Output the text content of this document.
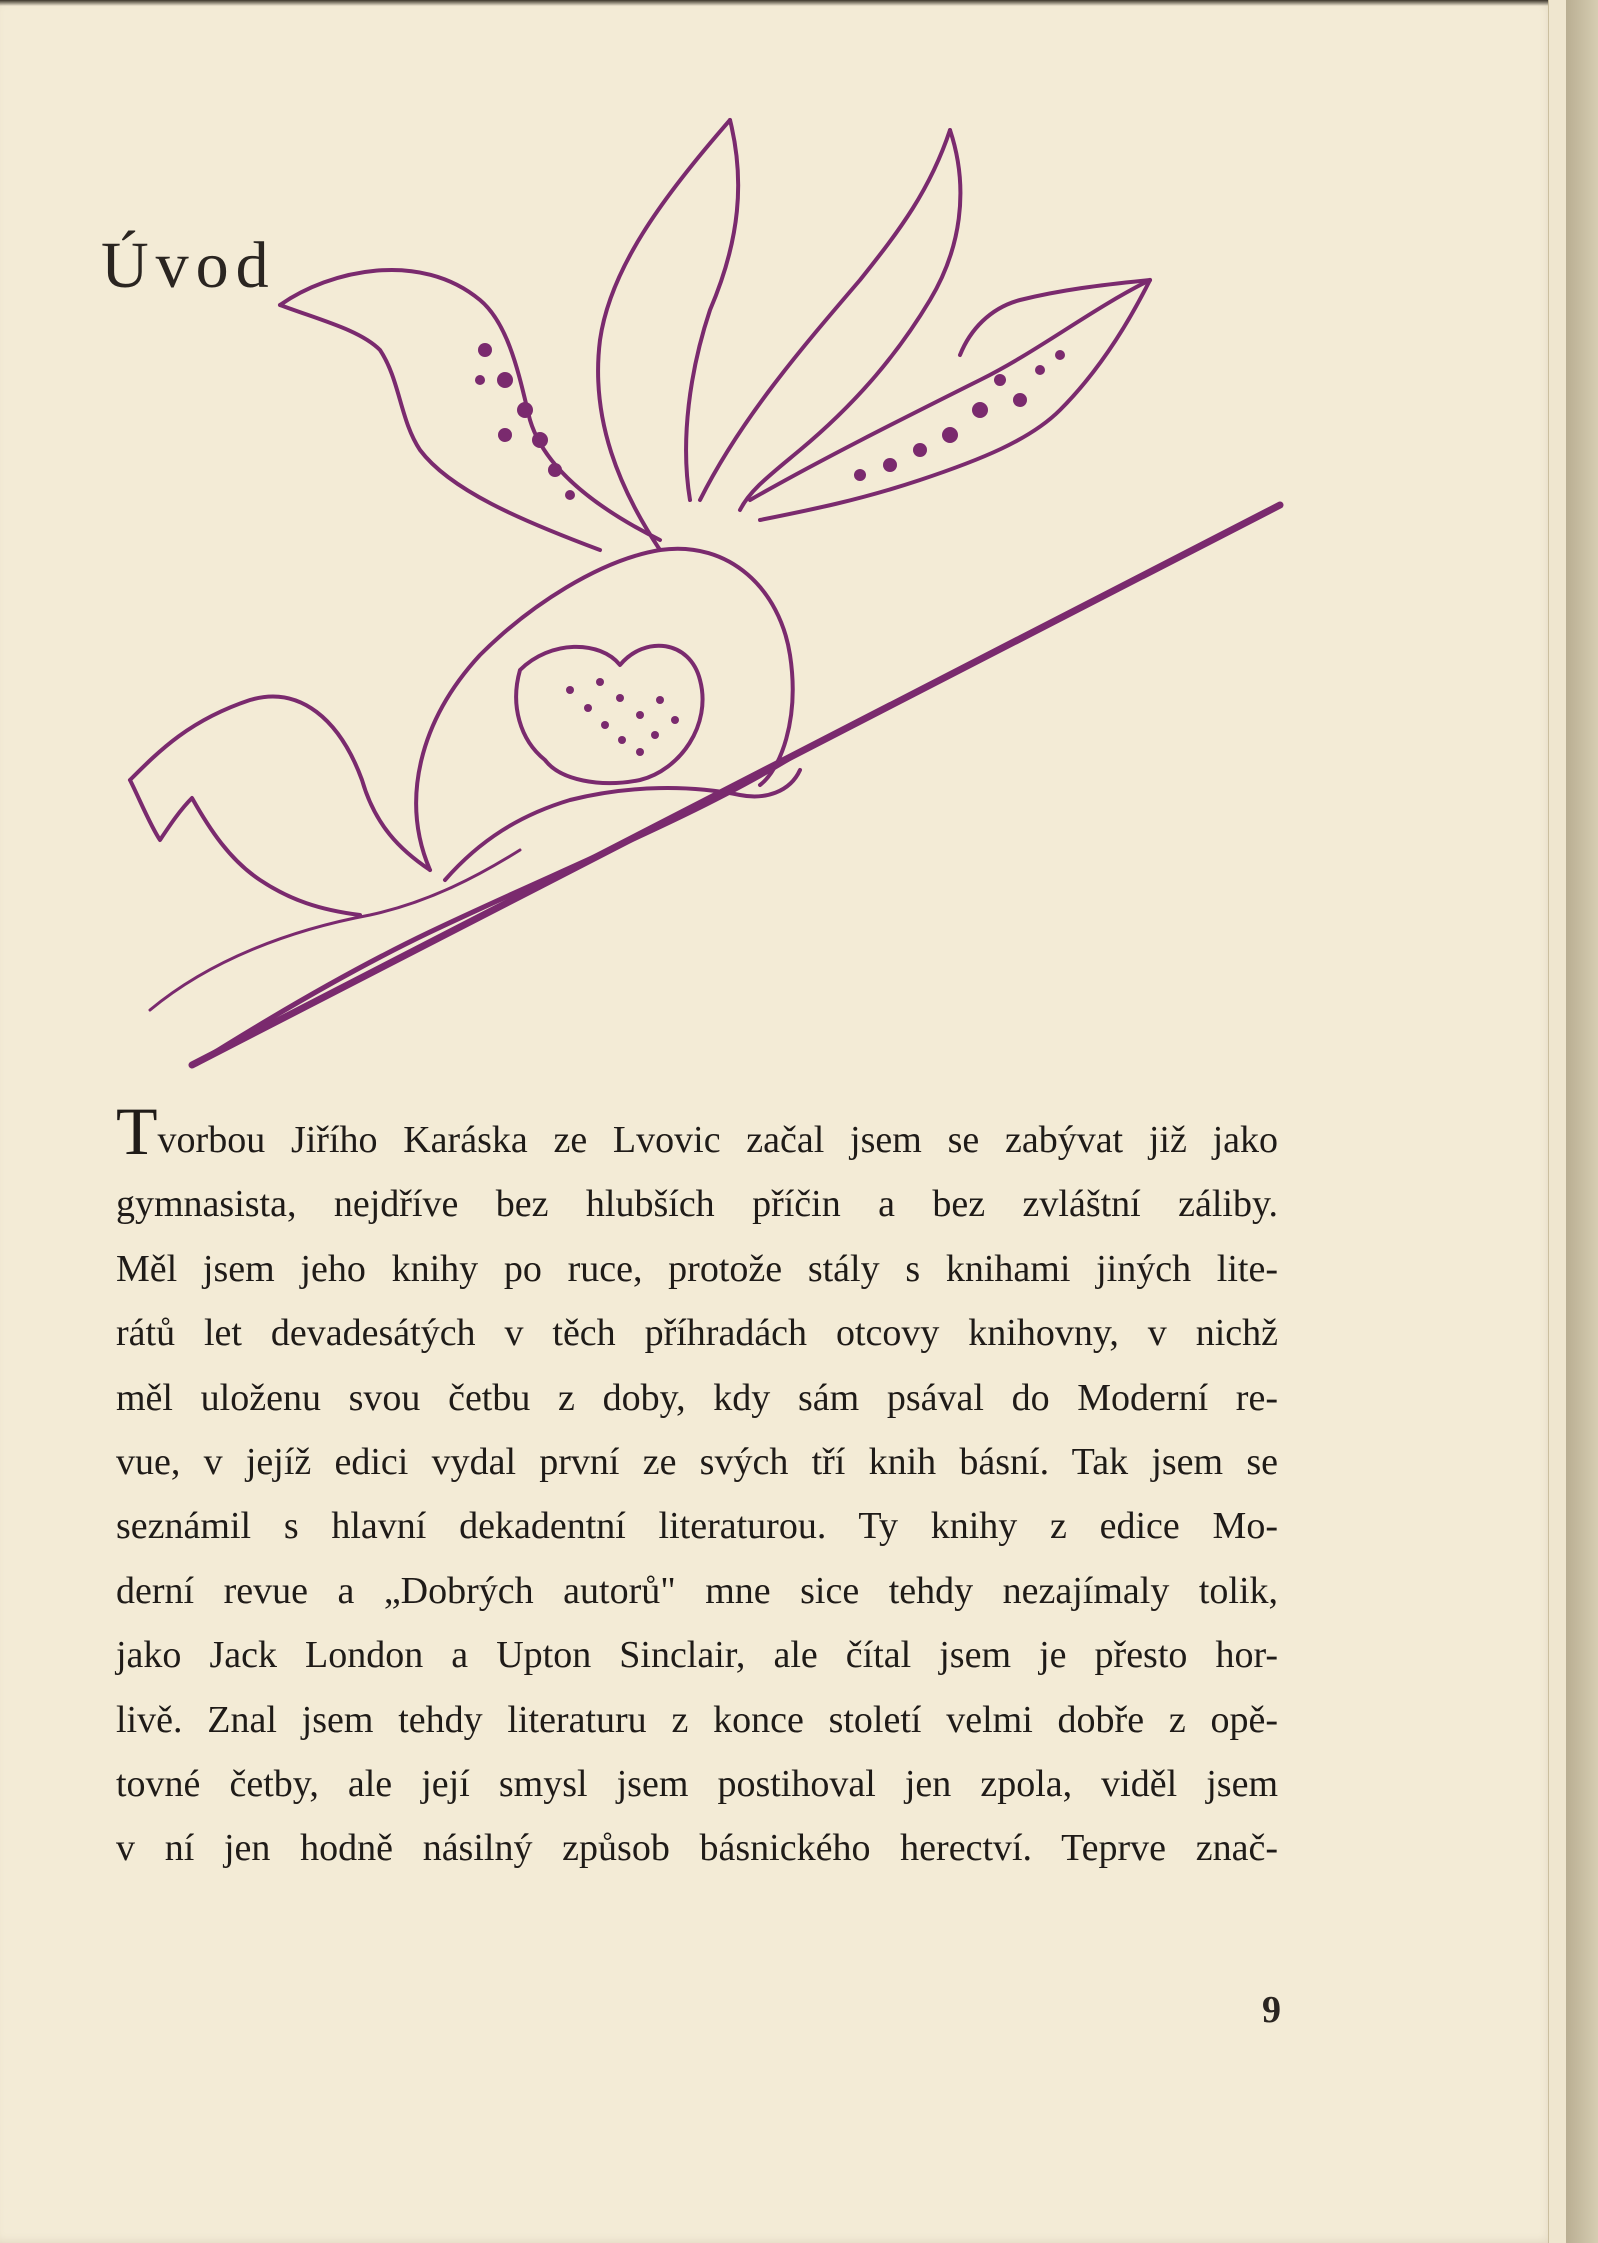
Úvod
Tvorbou Jiřího Karáska ze Lvovic začal jsem se zabývat již jako
gymnasista, nejdříve bez hlubších příčin a bez zvláštní záliby.
Měl jsem jeho knihy po ruce, protože stály s knihami jiných lite-
rátů let devadesátých v těch příhradách otcovy knihovny, v nichž
měl uloženu svou četbu z doby, kdy sám psával do Moderní re-
vue, v jejíž edici vydal první ze svých tří knih básní. Tak jsem se
seznámil s hlavní dekadentní literaturou. Ty knihy z edice Mo-
derní revue a „Dobrých autorů" mne sice tehdy nezajímaly tolik,
jako Jack London a Upton Sinclair, ale čítal jsem je přesto hor-
livě. Znal jsem tehdy literaturu z konce století velmi dobře z opě-
tovné četby, ale její smysl jsem postihoval jen zpola, viděl jsem
v ní jen hodně násilný způsob básnického herectví. Teprve znač-
9
